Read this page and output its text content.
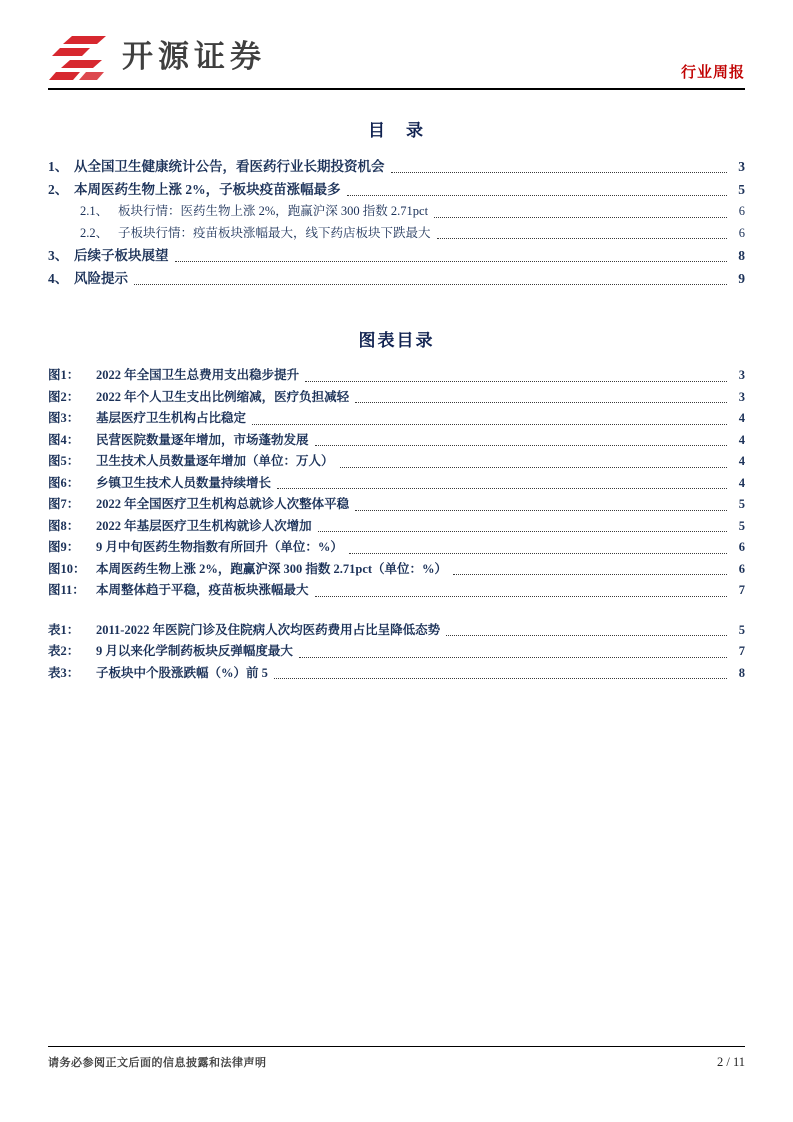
开源证券	行业周报
目　录
1、 从全国卫生健康统计公告，看医药行业长期投资机会	3
2、 本周医药生物上涨 2%，子板块疫苗涨幅最多	5
2.1、 板块行情：医药生物上涨 2%，跑赢沪深 300 指数 2.71pct	6
2.2、 子板块行情：疫苗板块涨幅最大，线下药店板块下跌最大	6
3、 后续子板块展望	8
4、 风险提示	9
图表目录
图1：	2022 年全国卫生总费用支出稳步提升	3
图2：	2022 年个人卫生支出比例缩减，医疗负担减轻	3
图3：	基层医疗卫生机构占比稳定	4
图4：	民营医院数量逐年增加，市场蓬勃发展	4
图5：	卫生技术人员数量逐年增加（单位：万人）	4
图6：	乡镇卫生技术人员数量持续增长	4
图7：	2022 年全国医疗卫生机构总就诊人次整体平稳	5
图8：	2022 年基层医疗卫生机构就诊人次增加	5
图9：	9 月中旬医药生物指数有所回升（单位：%）	6
图10： 本周医药生物上涨 2%，跑赢沪深 300 指数 2.71pct（单位：%）	6
图11： 本周整体趋于平稳，疫苗板块涨幅最大	7
表1：	2011-2022 年医院门诊及住院病人次均医药费用占比呈降低态势	5
表2：	9 月以来化学制药板块反弹幅度最大	7
表3：	子板块中个股涨跌幅（%）前 5	8
请务必参阅正文后面的信息披露和法律声明	2 / 11
